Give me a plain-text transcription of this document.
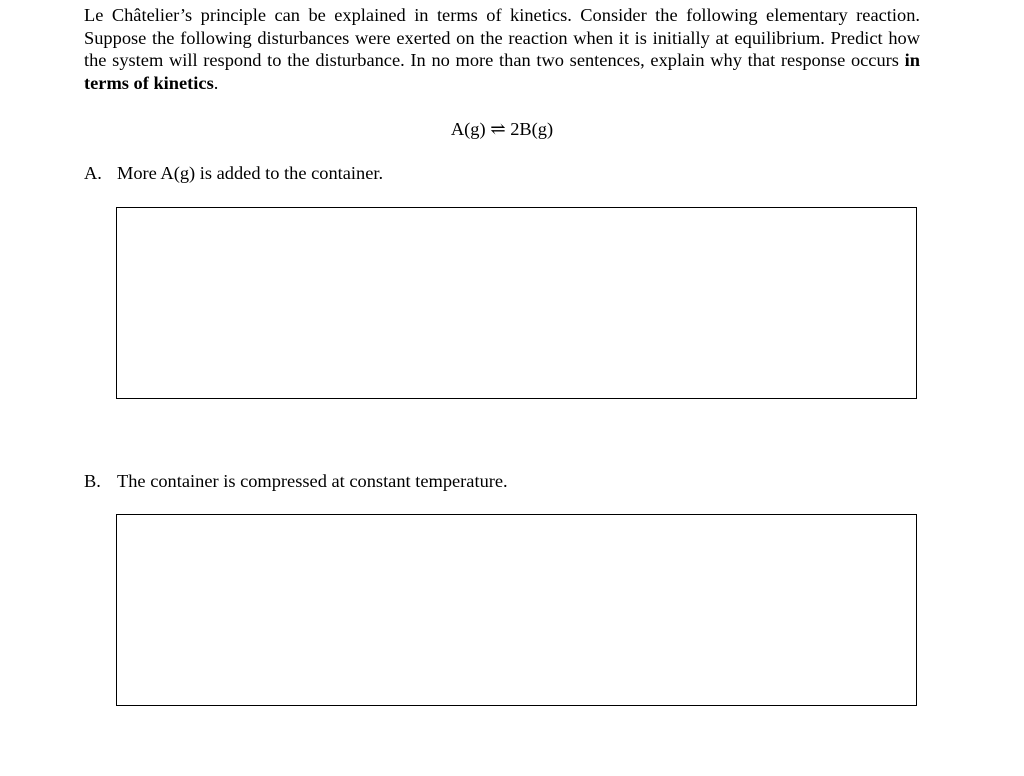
Le Châtelier’s principle can be explained in terms of kinetics. Consider the following elementary reaction. Suppose the following disturbances were exerted on the reaction when it is initially at equilibrium. Predict how the system will respond to the disturbance. In no more than two sentences, explain why that response occurs in terms of kinetics.

A(g) ⇌ 2B(g)
A. More A(g) is added to the container.
B. The container is compressed at constant temperature.
